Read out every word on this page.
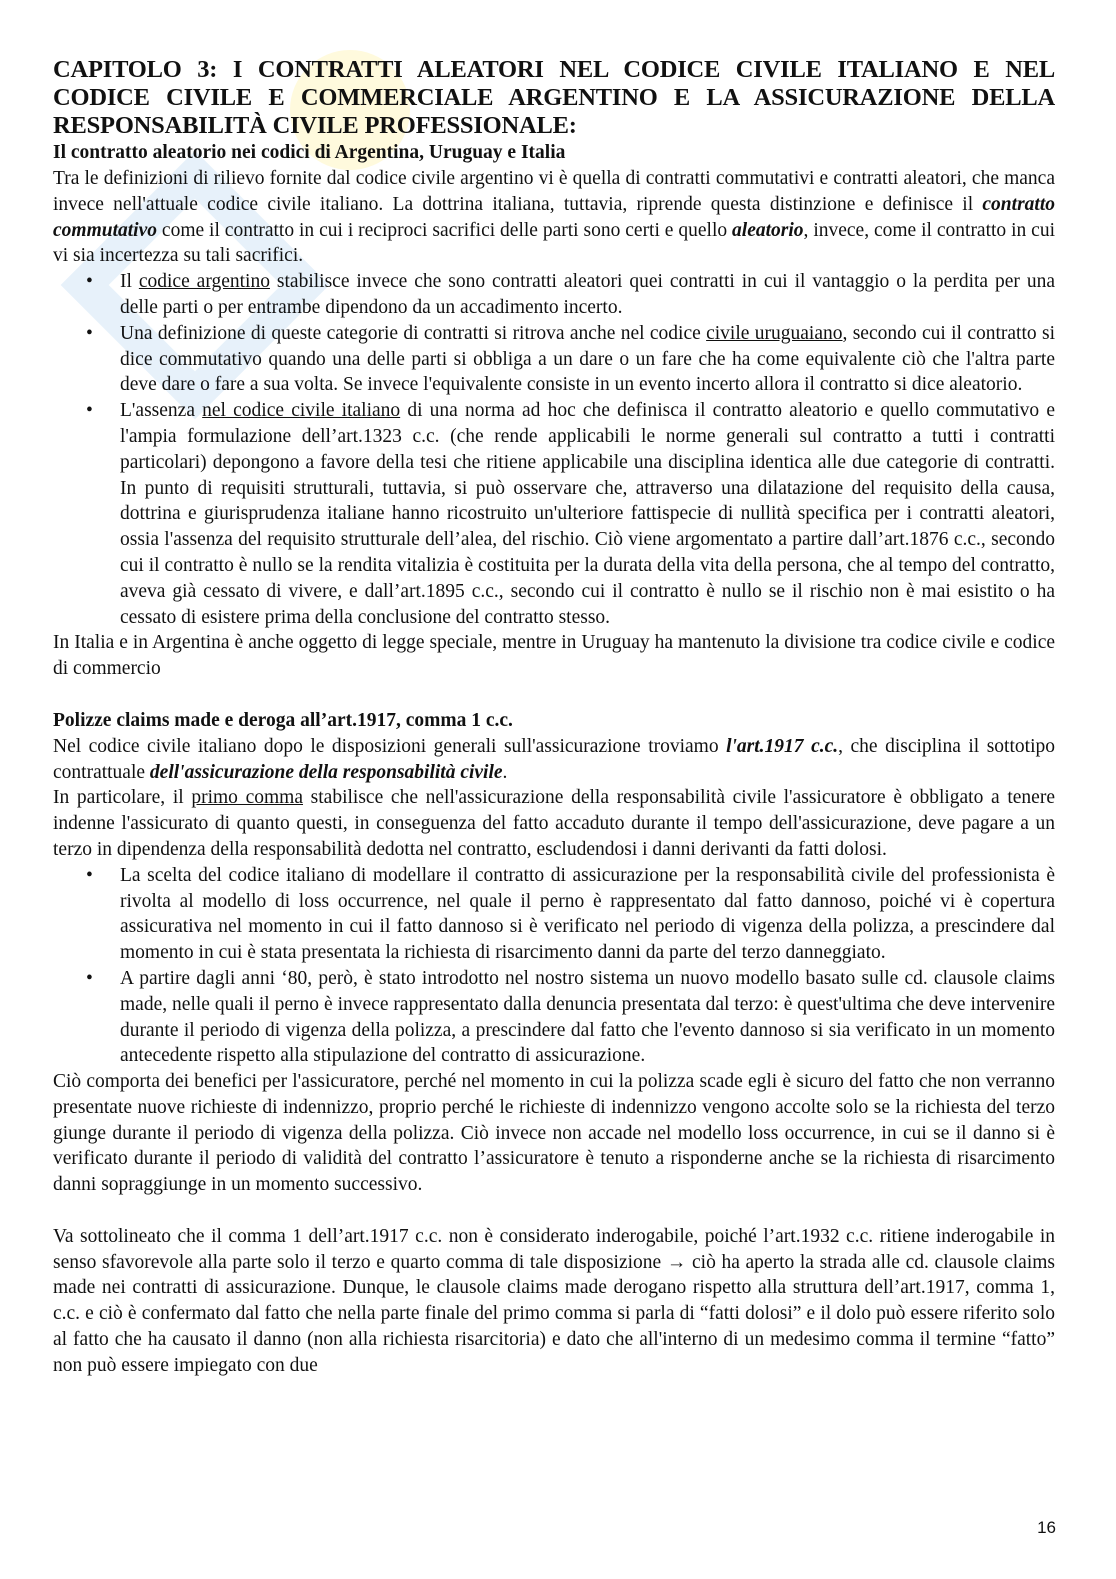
CAPITOLO 3: I CONTRATTI ALEATORI NEL CODICE CIVILE ITALIANO E NEL CODICE CIVILE E COMMERCIALE ARGENTINO E LA ASSICURAZIONE DELLA RESPONSABILITÀ CIVILE PROFESSIONALE:
Il contratto aleatorio nei codici di Argentina, Uruguay e Italia
Tra le definizioni di rilievo fornite dal codice civile argentino vi è quella di contratti commutativi e contratti aleatori, che manca invece nell'attuale codice civile italiano. La dottrina italiana, tuttavia, riprende questa distinzione e definisce il contratto commutativo come il contratto in cui i reciproci sacrifici delle parti sono certi e quello aleatorio, invece, come il contratto in cui vi sia incertezza su tali sacrifici.
• Il codice argentino stabilisce invece che sono contratti aleatori quei contratti in cui il vantaggio o la perdita per una delle parti o per entrambe dipendono da un accadimento incerto.
• Una definizione di queste categorie di contratti si ritrova anche nel codice civile uruguaiano, secondo cui il contratto si dice commutativo quando una delle parti si obbliga a un dare o un fare che ha come equivalente ciò che l'altra parte deve dare o fare a sua volta. Se invece l'equivalente consiste in un evento incerto allora il contratto si dice aleatorio.
• L'assenza nel codice civile italiano di una norma ad hoc che definisca il contratto aleatorio e quello commutativo e l'ampia formulazione dell’art.1323 c.c. (che rende applicabili le norme generali sul contratto a tutti i contratti particolari) depongono a favore della tesi che ritiene applicabile una disciplina identica alle due categorie di contratti. In punto di requisiti strutturali, tuttavia, si può osservare che, attraverso una dilatazione del requisito della causa, dottrina e giurisprudenza italiane hanno ricostruito un'ulteriore fattispecie di nullità specifica per i contratti aleatori, ossia l'assenza del requisito strutturale dell’alea, del rischio. Ciò viene argomentato a partire dall’art.1876 c.c., secondo cui il contratto è nullo se la rendita vitalizia è costituita per la durata della vita della persona, che al tempo del contratto, aveva già cessato di vivere, e dall’art.1895 c.c., secondo cui il contratto è nullo se il rischio non è mai esistito o ha cessato di esistere prima della conclusione del contratto stesso.
In Italia e in Argentina è anche oggetto di legge speciale, mentre in Uruguay ha mantenuto la divisione tra codice civile e codice di commercio
Polizze claims made e deroga all’art.1917, comma 1 c.c.
Nel codice civile italiano dopo le disposizioni generali sull'assicurazione troviamo l'art.1917 c.c., che disciplina il sottotipo contrattuale dell'assicurazione della responsabilità civile.
In particolare, il primo comma stabilisce che nell'assicurazione della responsabilità civile l'assicuratore è obbligato a tenere indenne l'assicurato di quanto questi, in conseguenza del fatto accaduto durante il tempo dell'assicurazione, deve pagare a un terzo in dipendenza della responsabilità dedotta nel contratto, escludendosi i danni derivanti da fatti dolosi.
• La scelta del codice italiano di modellare il contratto di assicurazione per la responsabilità civile del professionista è rivolta al modello di loss occurrence, nel quale il perno è rappresentato dal fatto dannoso, poiché vi è copertura assicurativa nel momento in cui il fatto dannoso si è verificato nel periodo di vigenza della polizza, a prescindere dal momento in cui è stata presentata la richiesta di risarcimento danni da parte del terzo danneggiato.
• A partire dagli anni ‘80, però, è stato introdotto nel nostro sistema un nuovo modello basato sulle cd. clausole claims made, nelle quali il perno è invece rappresentato dalla denuncia presentata dal terzo: è quest'ultima che deve intervenire durante il periodo di vigenza della polizza, a prescindere dal fatto che l'evento dannoso si sia verificato in un momento antecedente rispetto alla stipulazione del contratto di assicurazione.
Ciò comporta dei benefici per l'assicuratore, perché nel momento in cui la polizza scade egli è sicuro del fatto che non verranno presentate nuove richieste di indennizzo, proprio perché le richieste di indennizzo vengono accolte solo se la richiesta del terzo giunge durante il periodo di vigenza della polizza. Ciò invece non accade nel modello loss occurrence, in cui se il danno si è verificato durante il periodo di validità del contratto l’assicuratore è tenuto a risponderne anche se la richiesta di risarcimento danni sopraggiunge in un momento successivo.
Va sottolineato che il comma 1 dell’art.1917 c.c. non è considerato inderogabile, poiché l’art.1932 c.c. ritiene inderogabile in senso sfavorevole alla parte solo il terzo e quarto comma di tale disposizione → ciò ha aperto la strada alle cd. clausole claims made nei contratti di assicurazione. Dunque, le clausole claims made derogano rispetto alla struttura dell’art.1917, comma 1, c.c. e ciò è confermato dal fatto che nella parte finale del primo comma si parla di “fatti dolosi” e il dolo può essere riferito solo al fatto che ha causato il danno (non alla richiesta risarcitoria) e dato che all'interno di un medesimo comma il termine “fatto” non può essere impiegato con due
16
